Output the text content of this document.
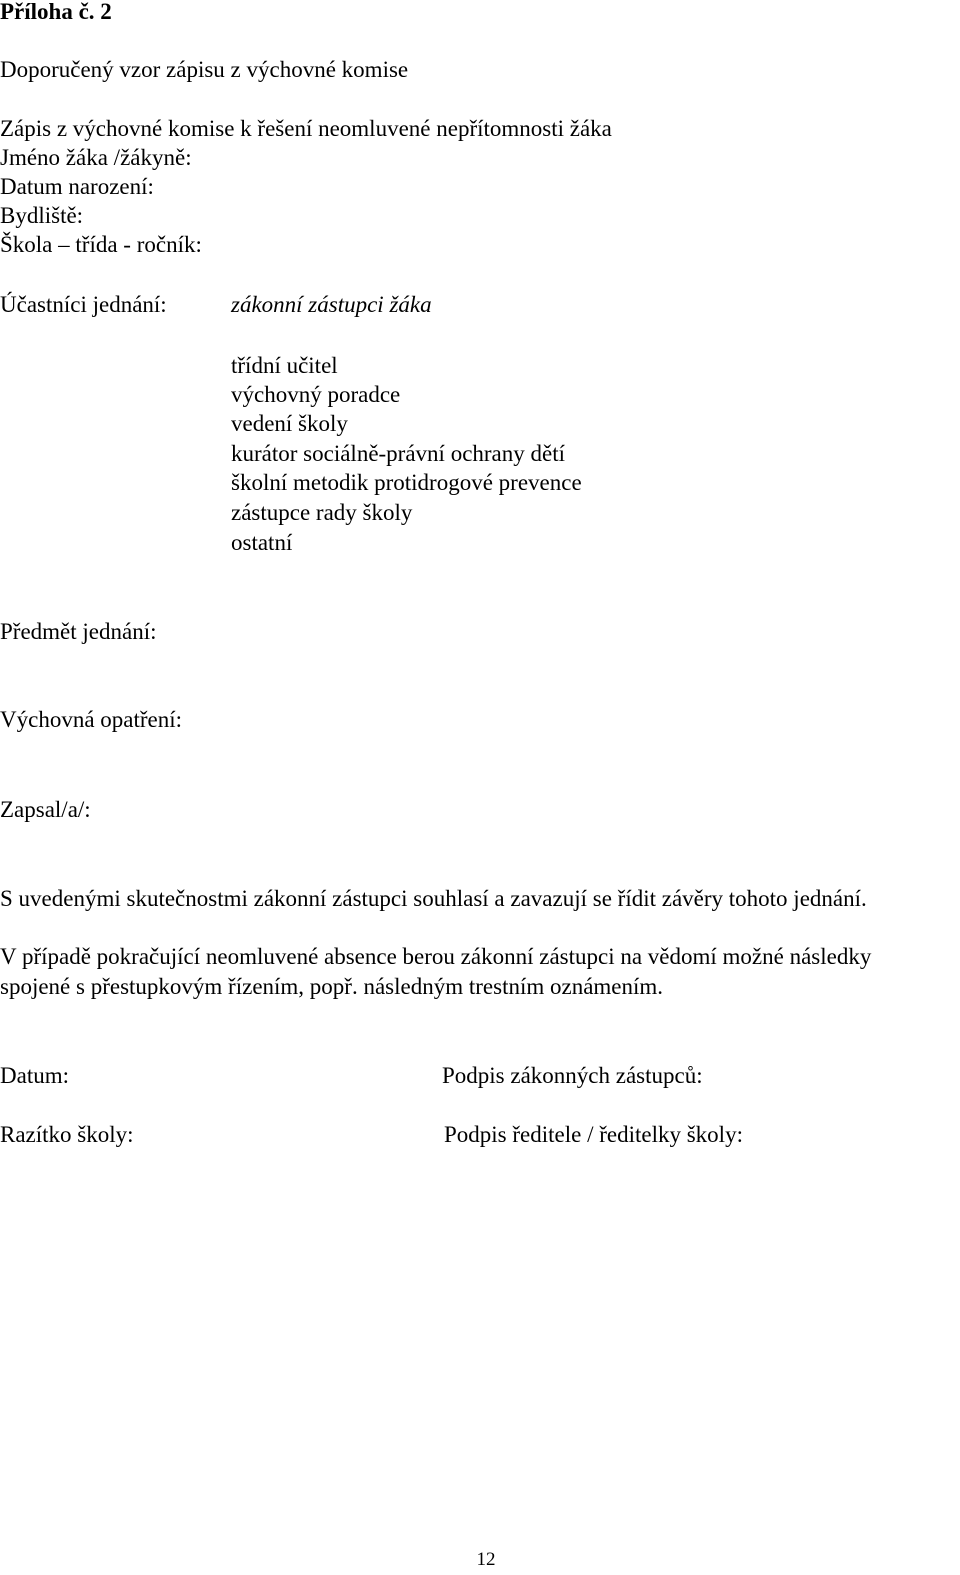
Příloha č. 2
Doporučený vzor zápisu z výchovné komise
Zápis z výchovné komise k řešení neomluvené nepřítomnosti žáka
Jméno žáka /žákyně:
Datum narození:
Bydliště:
Škola – třída - ročník:
Účastníci jednání:	zákonní zástupci žáka
třídní učitel
výchovný poradce
vedení školy
kurátor sociálně-právní ochrany dětí
školní metodik protidrogové prevence
zástupce rady školy
ostatní
Předmět jednání:
Výchovná opatření:
Zapsal/a/:
S uvedenými skutečnostmi zákonní zástupci souhlasí a zavazují se řídit závěry tohoto jednání.
V případě pokračující neomluvené absence berou zákonní zástupci na vědomí možné následky
spojené s přestupkovým řízením, popř. následným trestním oznámením.
Datum:	Podpis zákonných zástupců:
Razítko školy:	Podpis ředitele / ředitelky školy:
12
